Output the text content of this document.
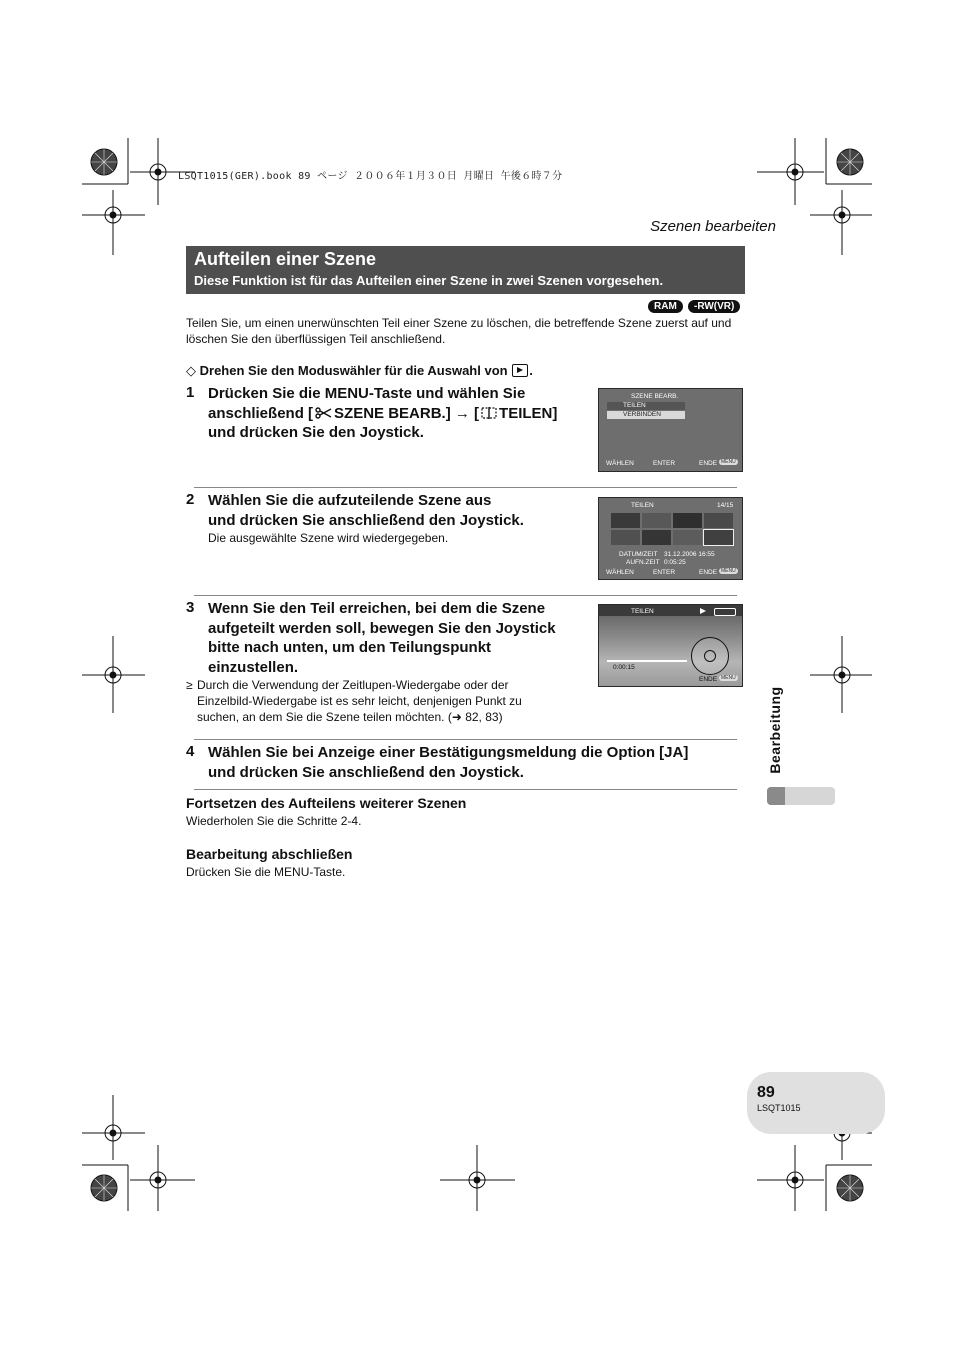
LSQT1015(GER).book 89 ページ ２００６年１月３０日 月曜日 午後６時７分
Szenen bearbeiten
Aufteilen einer Szene
Diese Funktion ist für das Aufteilen einer Szene in zwei Szenen vorgesehen.
RAM	-RW(VR)
Teilen Sie, um einen unerwünschten Teil einer Szene zu löschen, die betreffende Szene zuerst auf und löschen Sie den überflüssigen Teil anschließend.
◇ Drehen Sie den Moduswähler für die Auswahl von .
1 Drücken Sie die MENU-Taste und wählen Sie
anschließend [ SZENE BEARB.] → [ TEILEN]
und drücken Sie den Joystick.
SZENE BEARB.
TEILEN
VERBINDEN
WÄHLEN	ENTER	ENDE MENU
2 Wählen Sie die aufzuteilende Szene aus
und drücken Sie anschließend den Joystick.
Die ausgewählte Szene wird wiedergegeben.
TEILEN	14/15
DATUM/ZEIT 31.12.2006 16:55
AUFN.ZEIT 0:05:25
WÄHLEN	ENTER	ENDE MENU
3 Wenn Sie den Teil erreichen, bei dem die Szene
aufgeteilt werden soll, bewegen Sie den Joystick
bitte nach unten, um den Teilungspunkt
einzustellen.
≥ Durch die Verwendung der Zeitlupen-Wiedergabe oder der
Einzelbild-Wiedergabe ist es sehr leicht, denjenigen Punkt zu
suchen, an dem Sie die Szene teilen möchten. (➜ 82, 83)
TEILEN
0:00:15
ENDE MENU
4 Wählen Sie bei Anzeige einer Bestätigungsmeldung die Option [JA]
und drücken Sie anschließend den Joystick.
Fortsetzen des Aufteilens weiterer Szenen
Wiederholen Sie die Schritte 2-4.
Bearbeitung abschließen
Drücken Sie die MENU-Taste.
Bearbeitung
89
LSQT1015
